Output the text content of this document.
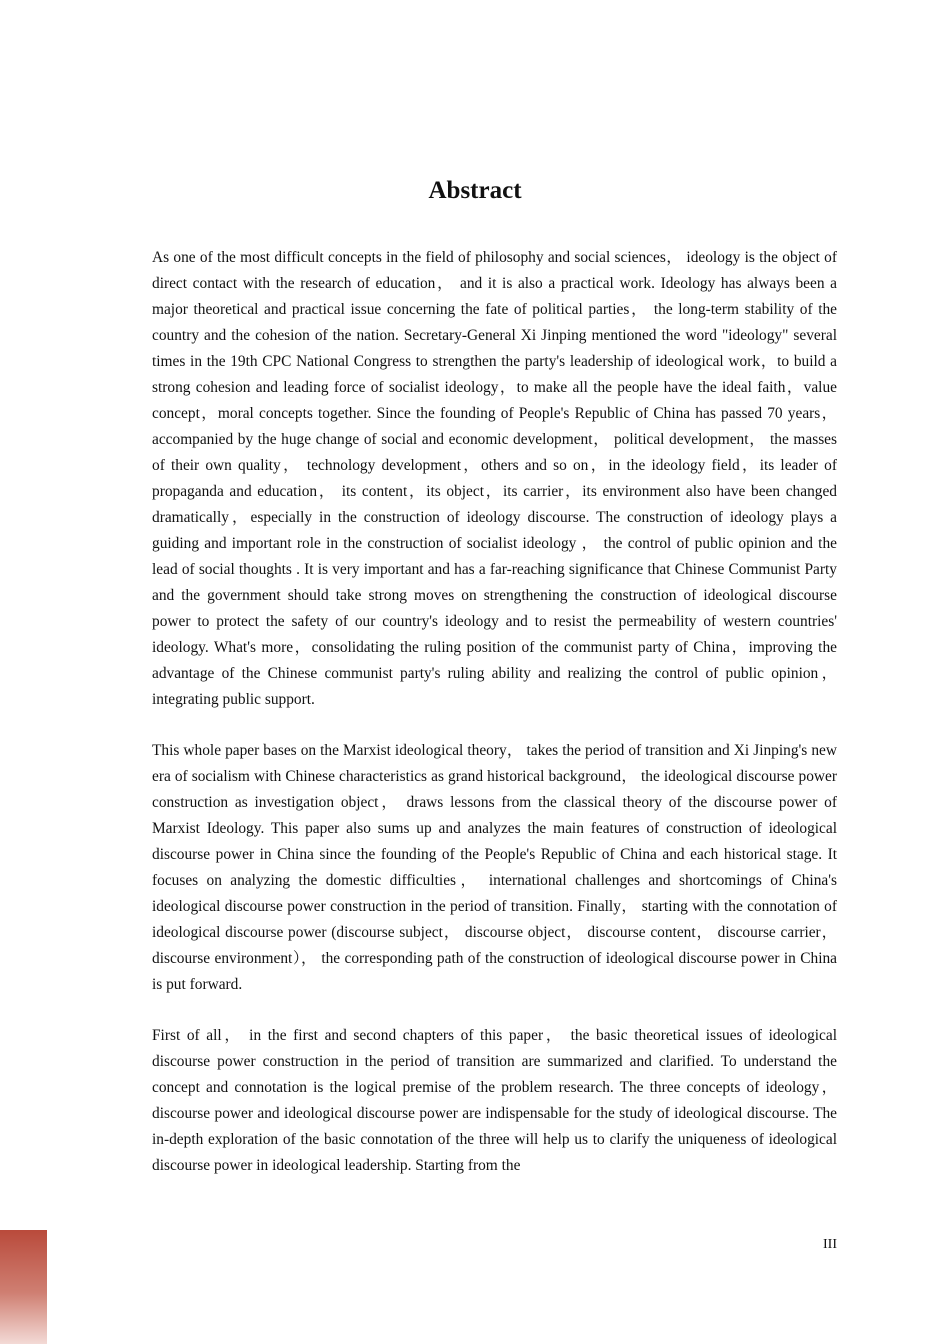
Abstract

As one of the most difficult concepts in the field of philosophy and social sciences， ideology is the object of direct contact with the research of education， and it is also a practical work. Ideology has always been a major theoretical and practical issue concerning the fate of political parties， the long-term stability of the country and the cohesion of the nation. Secretary-General Xi Jinping mentioned the word "ideology" several times in the 19th CPC National Congress to strengthen the party's leadership of ideological work，to build a strong cohesion and leading force of socialist ideology，to make all the people have the ideal faith，value concept，moral concepts together. Since the founding of People's Republic of China has passed 70 years， accompanied by the huge change of social and economic development， political development， the masses of their own quality， technology development，others and so on，in the ideology field，its leader of propaganda and education， its content，its object，its carrier，its environment also have been changed dramatically，especially in the construction of ideology discourse. The construction of ideology plays a guiding and important role in the construction of socialist ideology ， the control of public opinion and the lead of social thoughts . It is very important and has a far-reaching significance that Chinese Communist Party and the government should take strong moves on strengthening the construction of ideological discourse power to protect the safety of our country's ideology and to resist the permeability of western countries' ideology. What's more，consolidating the ruling position of the communist party of China，improving the advantage of the Chinese communist party's ruling ability and realizing the control of public opinion， integrating public support.

This whole paper bases on the Marxist ideological theory， takes the period of transition and Xi Jinping's new era of socialism with Chinese characteristics as grand historical background， the ideological discourse power construction as investigation object， draws lessons from the classical theory of the discourse power of Marxist Ideology. This paper also sums up and analyzes the main features of construction of ideological discourse power in China since the founding of the People's Republic of China and each historical stage. It focuses on analyzing the domestic difficulties， international challenges and shortcomings of China's ideological discourse power construction in the period of transition. Finally， starting with the connotation of ideological discourse power (discourse subject， discourse object， discourse content， discourse carrier， discourse environment）， the corresponding path of the construction of ideological discourse power in China is put forward.

First of all， in the first and second chapters of this paper， the basic theoretical issues of ideological discourse power construction in the period of transition are summarized and clarified. To understand the concept and connotation is the logical premise of the problem research. The three concepts of ideology， discourse power and ideological discourse power are indispensable for the study of ideological discourse. The in-depth exploration of the basic connotation of the three will help us to clarify the uniqueness of ideological discourse power in ideological leadership. Starting from the

III
